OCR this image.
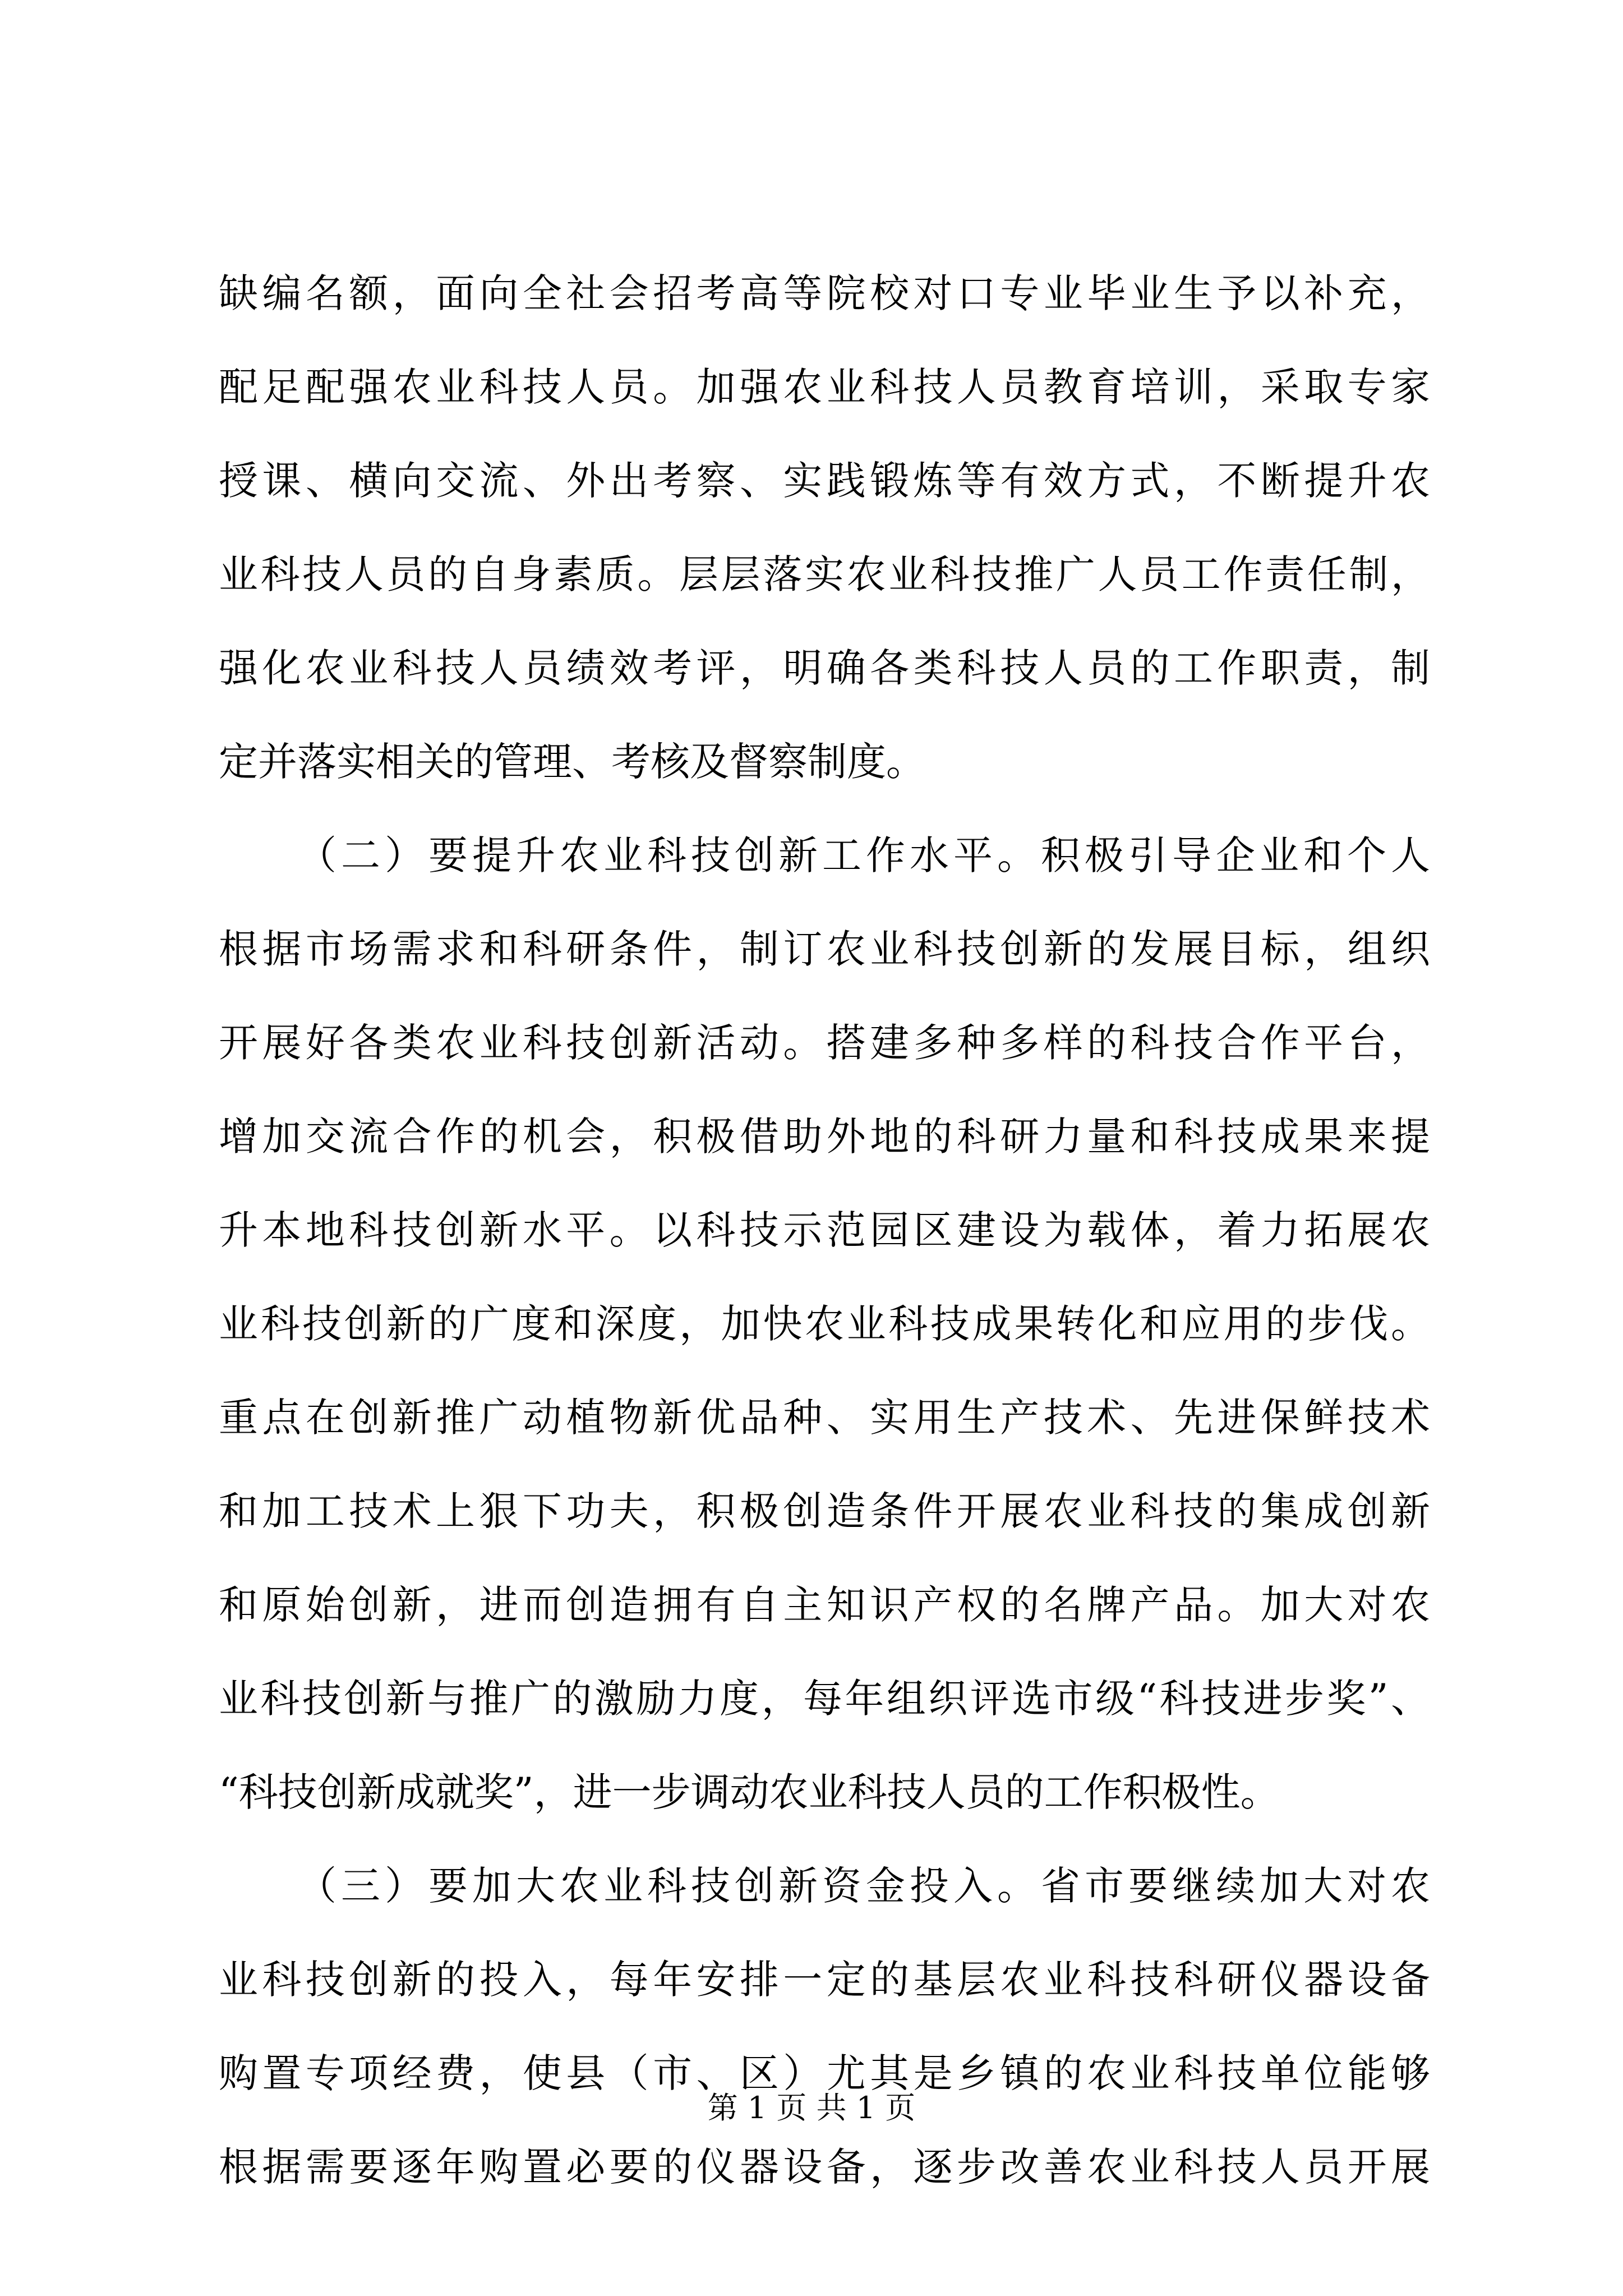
缺编名额，面向全社会招考高等院校对口专业毕业生予以补充，
配足配强农业科技人员。加强农业科技人员教育培训，采取专家
授课、横向交流、外出考察、实践锻炼等有效方式，不断提升农
业科技人员的自身素质。层层落实农业科技推广人员工作责任制，
强化农业科技人员绩效考评，明确各类科技人员的工作职责，制
定并落实相关的管理、考核及督察制度。
（二）要提升农业科技创新工作水平。积极引导企业和个人
根据市场需求和科研条件，制订农业科技创新的发展目标，组织
开展好各类农业科技创新活动。搭建多种多样的科技合作平台，
增加交流合作的机会，积极借助外地的科研力量和科技成果来提
升本地科技创新水平。以科技示范园区建设为载体，着力拓展农
业科技创新的广度和深度，加快农业科技成果转化和应用的步伐。
重点在创新推广动植物新优品种、实用生产技术、先进保鲜技术
和加工技术上狠下功夫，积极创造条件开展农业科技的集成创新
和原始创新，进而创造拥有自主知识产权的名牌产品。加大对农
业科技创新与推广的激励力度，每年组织评选市级“科技进步奖”、
“科技创新成就奖”，进一步调动农业科技人员的工作积极性。
（三）要加大农业科技创新资金投入。省市要继续加大对农
业科技创新的投入，每年安排一定的基层农业科技科研仪器设备
购置专项经费，使县（市、区）尤其是乡镇的农业科技单位能够
根据需要逐年购置必要的仪器设备，逐步改善农业科技人员开展
第 1 页 共 1 页
